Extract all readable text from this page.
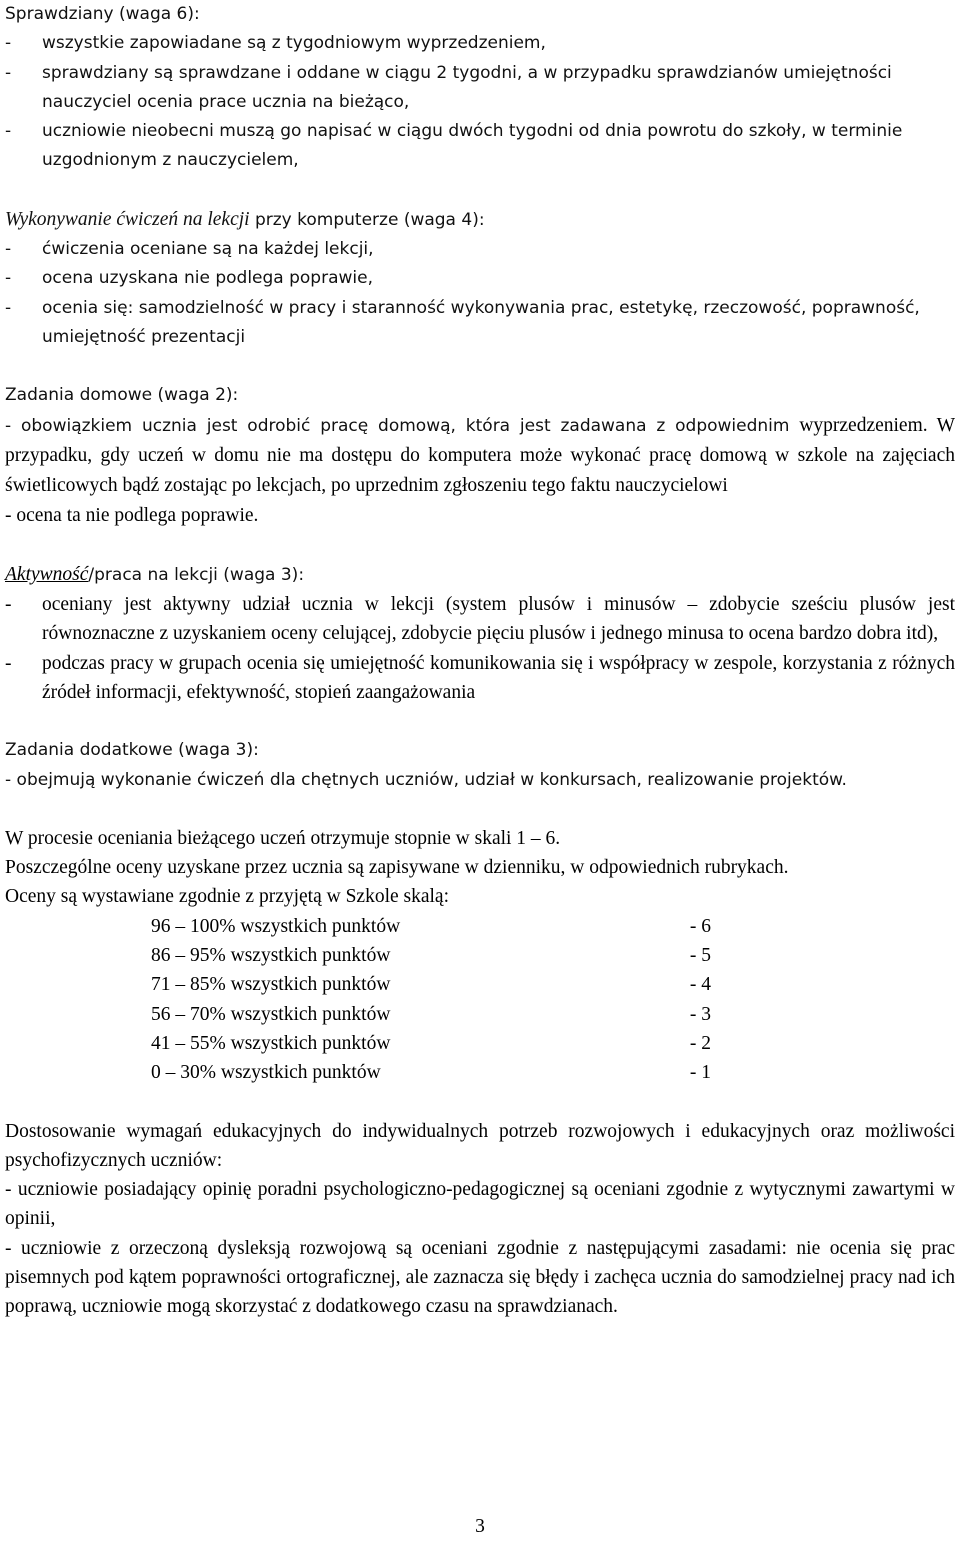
Sprawdziany (waga 6):

-	wszystkie zapowiadane są z tygodniowym wyprzedzeniem,
-	sprawdziany są sprawdzane i oddane w ciągu 2 tygodni, a w przypadku sprawdzianów umiejętności nauczyciel ocenia prace ucznia na bieżąco,
-	uczniowie nieobecni muszą go napisać w ciągu dwóch tygodni od dnia powrotu do szkoły, w terminie uzgodnionym z nauczycielem,

Wykonywanie ćwiczeń na lekcji przy komputerze (waga 4):

-	ćwiczenia oceniane są na każdej lekcji,
-	ocena uzyskana nie podlega poprawie,
-	ocenia się: samodzielność w pracy i staranność wykonywania prac, estetykę, rzeczowość, poprawność, umiejętność prezentacji

Zadania domowe (waga 2):

- obowiązkiem ucznia jest odrobić pracę domową, która jest zadawana z odpowiednim wyprzedzeniem. W przypadku, gdy uczeń w domu nie ma dostępu do komputera może wykonać pracę domową w szkole na zajęciach świetlicowych bądź zostając po lekcjach, po uprzednim zgłoszeniu tego faktu nauczycielowi

- ocena ta nie podlega poprawie.

Aktywność/praca na lekcji (waga 3):

-	oceniany jest aktywny udział ucznia w lekcji (system plusów i minusów – zdobycie sześciu plusów jest równoznaczne z uzyskaniem oceny celującej, zdobycie pięciu plusów i jednego minusa to ocena bardzo dobra itd),
-	podczas pracy w grupach ocenia się umiejętność komunikowania się i współpracy w zespole, korzystania z różnych źródeł informacji, efektywność, stopień zaangażowania

Zadania dodatkowe (waga 3):

- obejmują wykonanie ćwiczeń dla chętnych uczniów, udział w konkursach, realizowanie projektów.

W procesie oceniania bieżącego uczeń otrzymuje stopnie w skali 1 – 6.

Poszczególne oceny uzyskane przez ucznia są zapisywane w dzienniku, w odpowiednich rubrykach.

Oceny są wystawiane zgodnie z przyjętą w Szkole skalą:

96 – 100% wszystkich punktów	- 6
86 – 95% wszystkich punktów	- 5
71 – 85% wszystkich punktów	- 4
56 – 70% wszystkich punktów	- 3
41 – 55% wszystkich punktów	- 2
0 – 30% wszystkich punktów	- 1

Dostosowanie wymagań edukacyjnych do indywidualnych potrzeb rozwojowych i edukacyjnych oraz możliwości psychofizycznych uczniów:

- uczniowie posiadający opinię poradni psychologiczno-pedagogicznej są oceniani zgodnie z wytycznymi zawartymi w opinii,

- uczniowie z orzeczoną dysleksją rozwojową są oceniani zgodnie z następującymi zasadami: nie ocenia się prac pisemnych pod kątem poprawności ortograficznej, ale zaznacza się błędy i zachęca ucznia do samodzielnej pracy nad ich poprawą, uczniowie mogą skorzystać z dodatkowego czasu na sprawdzianach.

3
